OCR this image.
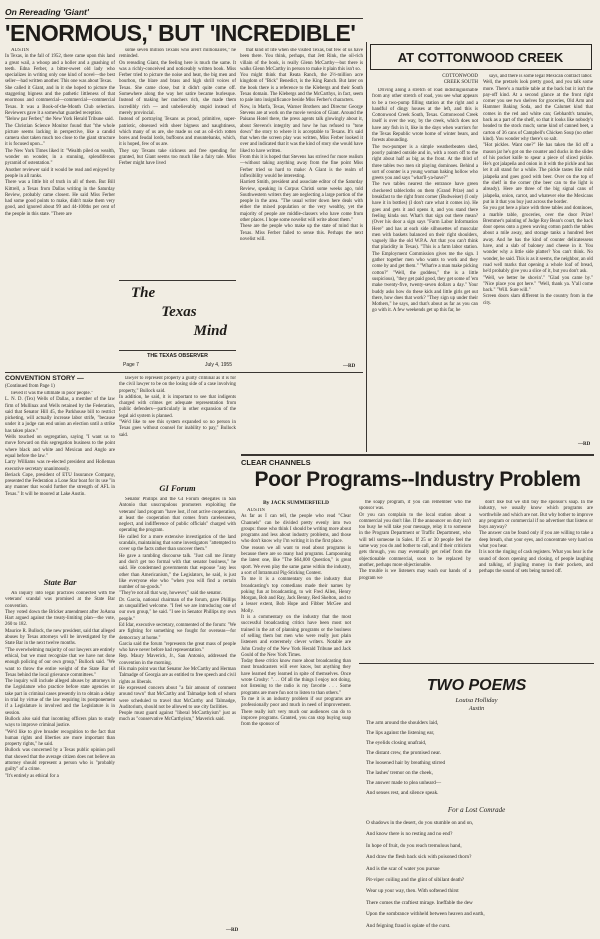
On Rereading 'Giant'
'ENORMOUS,' BUT 'INCREDIBLE'

AUSTIN
In Texas, in the fall of 1952, there came upon this land a great wail, a whoop and a holler and a gnashing of teeth. Edna Ferber, a bitter-sweet old lady who specializes in writing only one kind of novel—the best seller—had written another. This one was about Texas.
She called it Giant, and in it she hoped to picture the staggering bigness and the pathetic littleness of that enormous and commercial—commercial—commercial Texas. It was a Book-of-the-Month Club selection. Reviewers gave it a somewhat guarded reception.
"Below par Ferber," the New York Herald Tribune said.
The Christian Science Monitor found that "the whole picture seems lacking in perspective, like a candid camera shot taken much too close to the giant structure it is focused upon..."
The New York Times liked it: "Wealth piled on wealth, wonder on wonder, in a stunning, splendiferous pyramid of ostentation."
Another reviewer said it would be read and enjoyed by people in all ranks.
There was a little bit of truth in all of them. But Bill Kittrell, a Texas from Dallas writing in the Saturday Review, probably came closest. He said Miss Ferber had some good points to make, didn't make them very good, and ignored about 99 and 44-100ths per cent of the people in this state. "There are

some seven million Texans who aren't millionaires," he reminded.
On rereading Giant, the feeling here is much the same. It was a richly-conceived and noticeably written book. Miss Ferber tried to picture the noise and heat, the big men and bourbon, the blare and brass and high shrill voices of Texas. She came close, but it didn't quite come off. Somewhere along the way her satire became burlesque. Instead of making her ranchers rich, she made them incredibly rich — and unbelievably stupid instead of merely provincial.
Instead of portraying Texans as proud, primitive, super-patriotic, obsessed with sheer bigness and naughtiness, which many of us are, she made us out as oil-rich rotten bores and feudal lords, buffoons and mountebanks, which, it is hoped, few of us are.
They say Texans take sickness and free spending for granted, but Giant seems too much like a fairy tale. Miss Ferber might have lived

that kind of life when she visited Texas, but few of us have been there. You think, perhaps, that Jett Rink, the oil-rich villain of the book, is really Glenn McCarthy—but there is walks Glenn McCarthy in person to make it plain this isn't so.
You might think that Reata Ranch, the 2½-million acre kingdom of "Bick" Benedict, is the King Ranch. But later on the book there is a reference to the Klebergs and their South Texas domain. The Klebergs and the McCarthys, in fact, seem to pale into insignificance beside Miss Ferber's characters.
Now, in Marfa, Texas, Warner Brothers and Director George Stevens are at work on the movie version of Giant. Around the Paisano Hotel there, the press agents talk glowingly about it, about Stevens's integrity and how he has refused to "tone down" the story to where it is acceptable to Texans. It's said that when the screen play was written, Miss Ferber looked it over and indicated that it was the kind of story she would have liked to have written.
From this it is hoped that Stevens has strived for more realism—without taking anything away from the fine point Miss Ferber tried so hard to make: A Giant is the realm of inflexibility would be interesting.
Harriett Smith, president and associate editor of the Saturday Review, speaking in Corpus Christi some weeks ago, told Southwestern writers they are neglecting a large portion of the people in the area. "The usual writer down here deals with either the mixed population or the very wealthy, yet the majority of people are middle-classers who have come from other places. I hope some novelist will write about them."
These are the people who make up the state of mind that is Texas. Miss Ferber failed to sense this. Perhaps the next novelist will.

—RD
The
Texas
Mind
THE TEXAS OBSERVER
Page 7	July 4, 1955
CONVENTION STORY —
(Continued from Page 1)

lieved it was the ultimate in poor people."
L. N. D. (Tex) Wells of Dallas, a member of the law firm of Mullinax and Wells retained by the Federation, said that Senator Hill 45, the Parkhouse bill to restrict picketing, will actually increase labor strife, "because under it a judge can end union an election until a strike has taken place."
Wells touched on segregation, saying "I want us to move forward on this segregation business to the point where black and white and Mexican and Anglo are equal before the law."
Larry Williams was re-elected president and Holleman executive secretary unanimously.
Beriack Cope, president of ETU Insurance Company, presented the Federation a Lone Star boat for its use "in any manner that would further the strength of AFL in Texas." It will be moored at Lake Austin.

State Bar

An inquiry into legal practices connected with the veterans' scandal was promised at the State Bar convention.
They voted down the Bricker amendment after JoAnna Hart argued against the treaty-limiting plan—the vote, 260 to 182.
Maurice R. Bullock, the new president, said that alleged abuses by Texas attorneys will be investigated by the State Bar in the next twelve months.
"The overwhelming majority of our lawyers are entirely ethical, but we must recognize that we have not done enough policing of our own group," Bullock said. "We want to throw the entire weight of the State Bar of Texas behind the local grievance committees."
The inquiry will include alleged abuses by attorneys in the Legislature who practice before state agencies or take part in criminal cases presently in to obtain a delay in trial by virtue of the law requiring its postponement if a Legislature is involved and the Legislature is in session.
Bullock also said that incoming officers plan to study ways to improve criminal justice.
"We'd like to give broader recognition to the fact that human rights and liberties are more important than property rights," he said.
Bullock was concerned by a Texas public opinion poll that showed that the average citizen does not believe an attorney should represent a person who is "probably guilty" of a crime.
"It's entirely as ethical for a

lawyer to represent properly a guilty criminal as it is for the civil lawyer to be on the losing side of a case involving property," Bullock said.
In addition, he said, it is important to see that indigents charged with crimes get adequate representation from public defenders—particularly in other expansion of the legal aid system is planned.
"We'd like to see this system expanded so no person in Texas goes without counsel for inability to pay," Bullock said.

GI Forum

Senator Phillips and the GI Forum delegates in San Antonio that unscrupulous promoters exploiting the veterans' land program "have lost, if not active cooperation, at least the cooperation that comes from carelessness, neglect, and indifference of public officials" charged with operating the program.
He called for a more extensive investigation of the land scandals, maintaining that some investigators "attempted to cover up the facts rather than uncover them."
He gave a rambling discourse talk. "Just call me Jimmy and don't get too formal with that senator business," he said. He condemned governments that espouse "any less other than Americanism," the Legislators, he said, is just like everyone else who "when you will find a certain number of no-goods."
"They're not all that way, however," said the senator.
Dr. Garcia, national chairman of the forum, gave Phillips an unqualified welcome. "I feel we are introducing one of our own group," he said. "I see in Senator Phillips my own people."
Ed Idar, executive secretary, commented of the forum: "We are fighting for something we fought for overseas—for democracy at home."
Garcia said the forum "represents the great mass of people who have never before had representation."
Rep. Maury Maverick, Jr., San Antonio, addressed the convention in the morning.
His main point was that Senator Joe McCarthy and Herman Talmadge of Georgia are as entitled to free speech and civil rights as liberals.
He expressed concern about "a fair amount of comment around town" that McCarthy and Talmadge both of whom were scheduled to travel that McCarthy and Talmadge, Auditorium, should not be allowed to use city facilities.
People must guard against "liberal McCarthyism" just as much as "conservative McCarthyism," Maverick said.

—RD
AT COTTONWOOD CREEK
COTTONWOOD
CREEK SOUTH

Driving along a stretch of road indistinguishable from any other stretch of road, you see what appears to be a two-pump filling station at the right and a handful of dingy houses at the left, and this is Cottonwood Creek South, Texas. Cottonwood Creek itself is over the way, by the creek, which does not have any fish in it, like in the days when warriors for the Texas Republic wrote home of winter bears, and forests abounding.
The two-pumper is a simple weatherbeaten shed, poorly painted outside and in, with a room off to the right about half as big as the front. At the third of three tables two men sit playing dominoes. Behind a sort of counter is a young woman baking hollow who greets you and says "what'll-ya-have?"
The two tables nearest the entrance have green checkered tablecloths on them (Grand Prize) and a breakfast to the right front corner (Budweiser) (I only have it in bottles) (I don't care what it comes in). He goes and gets it and opens it, and you stand there feeling kinda out. What's that sign out there mean? (Over his door a sign says "Farm Labor Information Here" and has at each side silhouettes of muscular men with baskets balanced on their right shoulders, vaguely like the old W.P.A. Art that you can't think that placidity in Texas). "This is a farm labor station. The Employment Commission gives me the sign. I gather together men who wants to work and they come by and get them." "What're a man make picking cotton?" "Well, the goddess," the is a little suspicious), "they get paid good, they get some of 'em make twenty-five, twenty-seven dollars a day." Your buddy asks how do these kids and little girls get out there, how does that work? "They sign up under their Mothers," he says, and that's about as far as you can go with it. A few weekends get up this far, he

says, and there is some legal Mexican contract labor.
Well, the pretzels look pretty good, and you talk some more. There's a marble table at the back but it isn't the pay-off kind. At a second glance at the front right corner you see two shelves for groceries, Old Arm and Hammer Baking Soda, and the Calumet kind that comes in the red and white can; Gebhardt's tamales, back as a part of the shelf, so that it looks like nobody's headed to the stock much; some kind of canned beet, a carton of 36 cans of Campbell's Chicken Soup (no other kind). You wonder why there's so salt.
"Hot pickles. Want one?" He has taken the lid off a mason jar he's got on the counter and ducks in the slides of his pocket knife to spear a piece of sliced pickle. He's got jalapeña and onion in it with the pickle and has let it all stand for a while. The pickle tastes like mild jalapeña and goes good with beer. Over on the top of the shelf in the corner (the beer can to the light is already). Here are three of the big signal cans of jalapeña, onion, carrot, and whatever else the Mexicans put in it that you buy just across the border.
So you got here a place with three tables and dominoes, a marble table, groceries, over the door Prize! Bremmer's painting of Judge Roy Bean's court, the back door opens onto a green waving cotton patch the tables about a mile away, and storage tanks a hundred feet away. And he has the kind of counter delicatessens have, and a slab of baloney and cheese in it. You wonder why a little side platter? You can't think. No wonder, he said. This is as it seems, the neighbor, an old road well marks that opening a whole loaf of bread, he'd probably give you a slice of it, but you don't ask.
"Well, we better be shovin'." "Glad you came by." "Nice place you got here." "Well, thank ya. Y'all come back." "Will. Sure will."
Screen doors slam different in the country from in the city.

—RD
CLEAR CHANNELS
Poor Programs--Industry Problem
By JACK SUMMERFIELD

AUSTIN
As far as I can tell, the people who read "Clear Channels" can be divided pretty evenly into two groups: those who think I should be writing more about programs and less about industry problems, and those who don't know why I'm writing it in the first place.
One reason we all want to read about programs is because there are so many bad programs. Lampooning the latest one, like "The $64,000 Question," is great sport. We even play the same game within the industry, a sort of Intramural Pig-Sticking Contest.
To me it is a commentary on the industry that broadcasting's top comedians made their names by poking fun at broadcasting, to wit Fred Allen, Henry Morgan, Bob and Ray, Jack Benny, Red Skelton, and to a lesser extent, Bob Hope and Fibber McGee and Molly.
It is a commentary on the industry that the most successful broadcasting critics have been most not trained in the art of planning programs or the business of selling them but men who were really just plain listeners and exteremely clever writers. Notable are John Crosby of the New York Herald Tribune and Jack Gould of the New York Times.
Today these critics know more about broadcasting than most broadcasters will ever know, but anything they have learned they learned in spite of themselves. Once wrote Crosby: ". . . Of all the things I enjoy not doing, not listening to the radio is my favorite . . . Some programs are more fun not to listen to than others."
To me it is an industry problem if our programs are professionally poor and much in need of improvement. There really isn't very much our audiences can do to improve programs. Granted, you can stop buying soap from the sponsor of

the soapy program, if you can remember who the sponsor was.
Or you can complain to the local station about a commercial you don't like. If the announcer on duty isn't too busy he will take your message, relay it to someone in the Program Department or Traffic Department, who will tell someone in Sales. If 25 or 30 people feel the same way you do and bother to call, and if their criticism gets through, you may eventually get relief from the objectionable commercial, soon to be replaced by another, perhaps more objectionable.
The trouble is we listeners may wash our hands of a program we

don't like but we still buy the sponsor's soap. In the industry, we usually know which programs are worthwhile and which are not. But why bother to improve any program or commercial if no advertiser that listens or buys anyway?
The answer can be found only if you are willing to take a deep breath, shut your eyes, and concentrate very hard on what you hear.
It is not the ringing of cash registers. What you hear is the sound of doors opening and closing, of people laughing and talking, of jingling money in their pockets, and perhaps the sound of sets being turned off.

TWO POEMS
Louisa Holliday
Austin

The arm around the shoulders laid,
The lips against the listening ear,
The eyelids closing unafraid,
The distant crew, the promised near.
The loosened hair by breathing stirred
The lashes' tremor on the cheek,
The answer made to plea unheard—
And senses rest, and silence speak.

For a Lost Comrade

O shadows in the desert, do you stumble on and on,
And know there is no resting and no end?
In hope of fruit, do you reach tremulous hand,
And draw the flesh back sick with poisoned thorn?
And is the scar of water you pursue
Pit-viper coiling and the glint of sibilant death?
Wear up your way, then. With softened thirst
There comes the craftiest mirage. Ineffable the dew
Upon the sombrance withheld between heaven and earth,
And feigning fraud is opiate of the curst.
